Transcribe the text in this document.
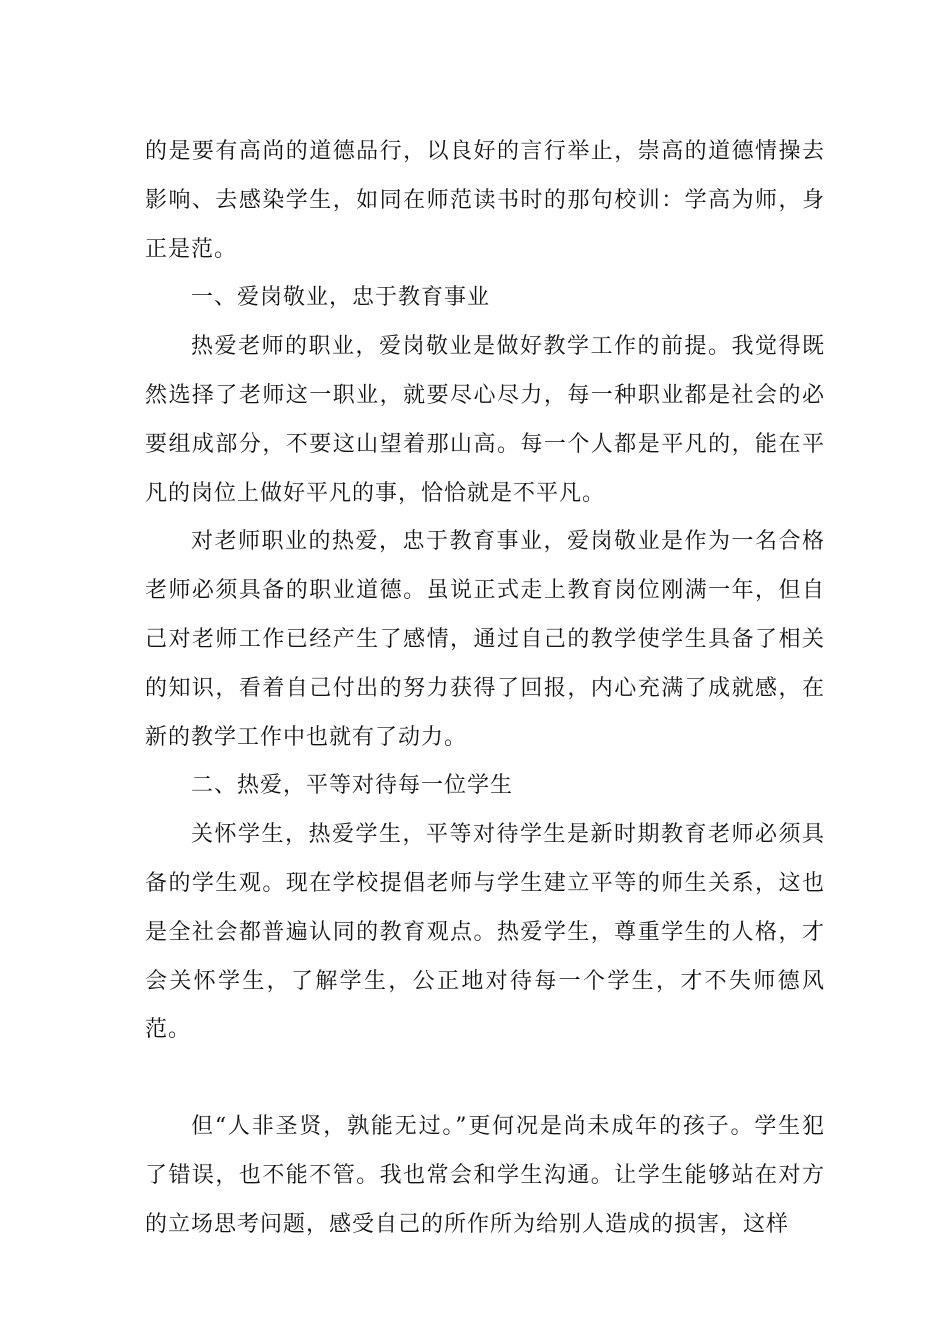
的是要有高尚的道德品行，以良好的言行举止，崇高的道德情操去影响、去感染学生，如同在师范读书时的那句校训：学高为师，身正是范。

一、爱岗敬业，忠于教育事业

热爱老师的职业，爱岗敬业是做好教学工作的前提。我觉得既然选择了老师这一职业，就要尽心尽力，每一种职业都是社会的必要组成部分，不要这山望着那山高。每一个人都是平凡的，能在平凡的岗位上做好平凡的事，恰恰就是不平凡。

对老师职业的热爱，忠于教育事业，爱岗敬业是作为一名合格老师必须具备的职业道德。虽说正式走上教育岗位刚满一年，但自己对老师工作已经产生了感情，通过自己的教学使学生具备了相关的知识，看着自己付出的努力获得了回报，内心充满了成就感，在新的教学工作中也就有了动力。

二、热爱，平等对待每一位学生

关怀学生，热爱学生，平等对待学生是新时期教育老师必须具备的学生观。现在学校提倡老师与学生建立平等的师生关系，这也是全社会都普遍认同的教育观点。热爱学生，尊重学生的人格，才会关怀学生，了解学生，公正地对待每一个学生，才不失师德风范。

但“人非圣贤，孰能无过。”更何况是尚未成年的孩子。学生犯了错误，也不能不管。我也常会和学生沟通。让学生能够站在对方的立场思考问题，感受自己的所作所为给别人造成的损害，这样
